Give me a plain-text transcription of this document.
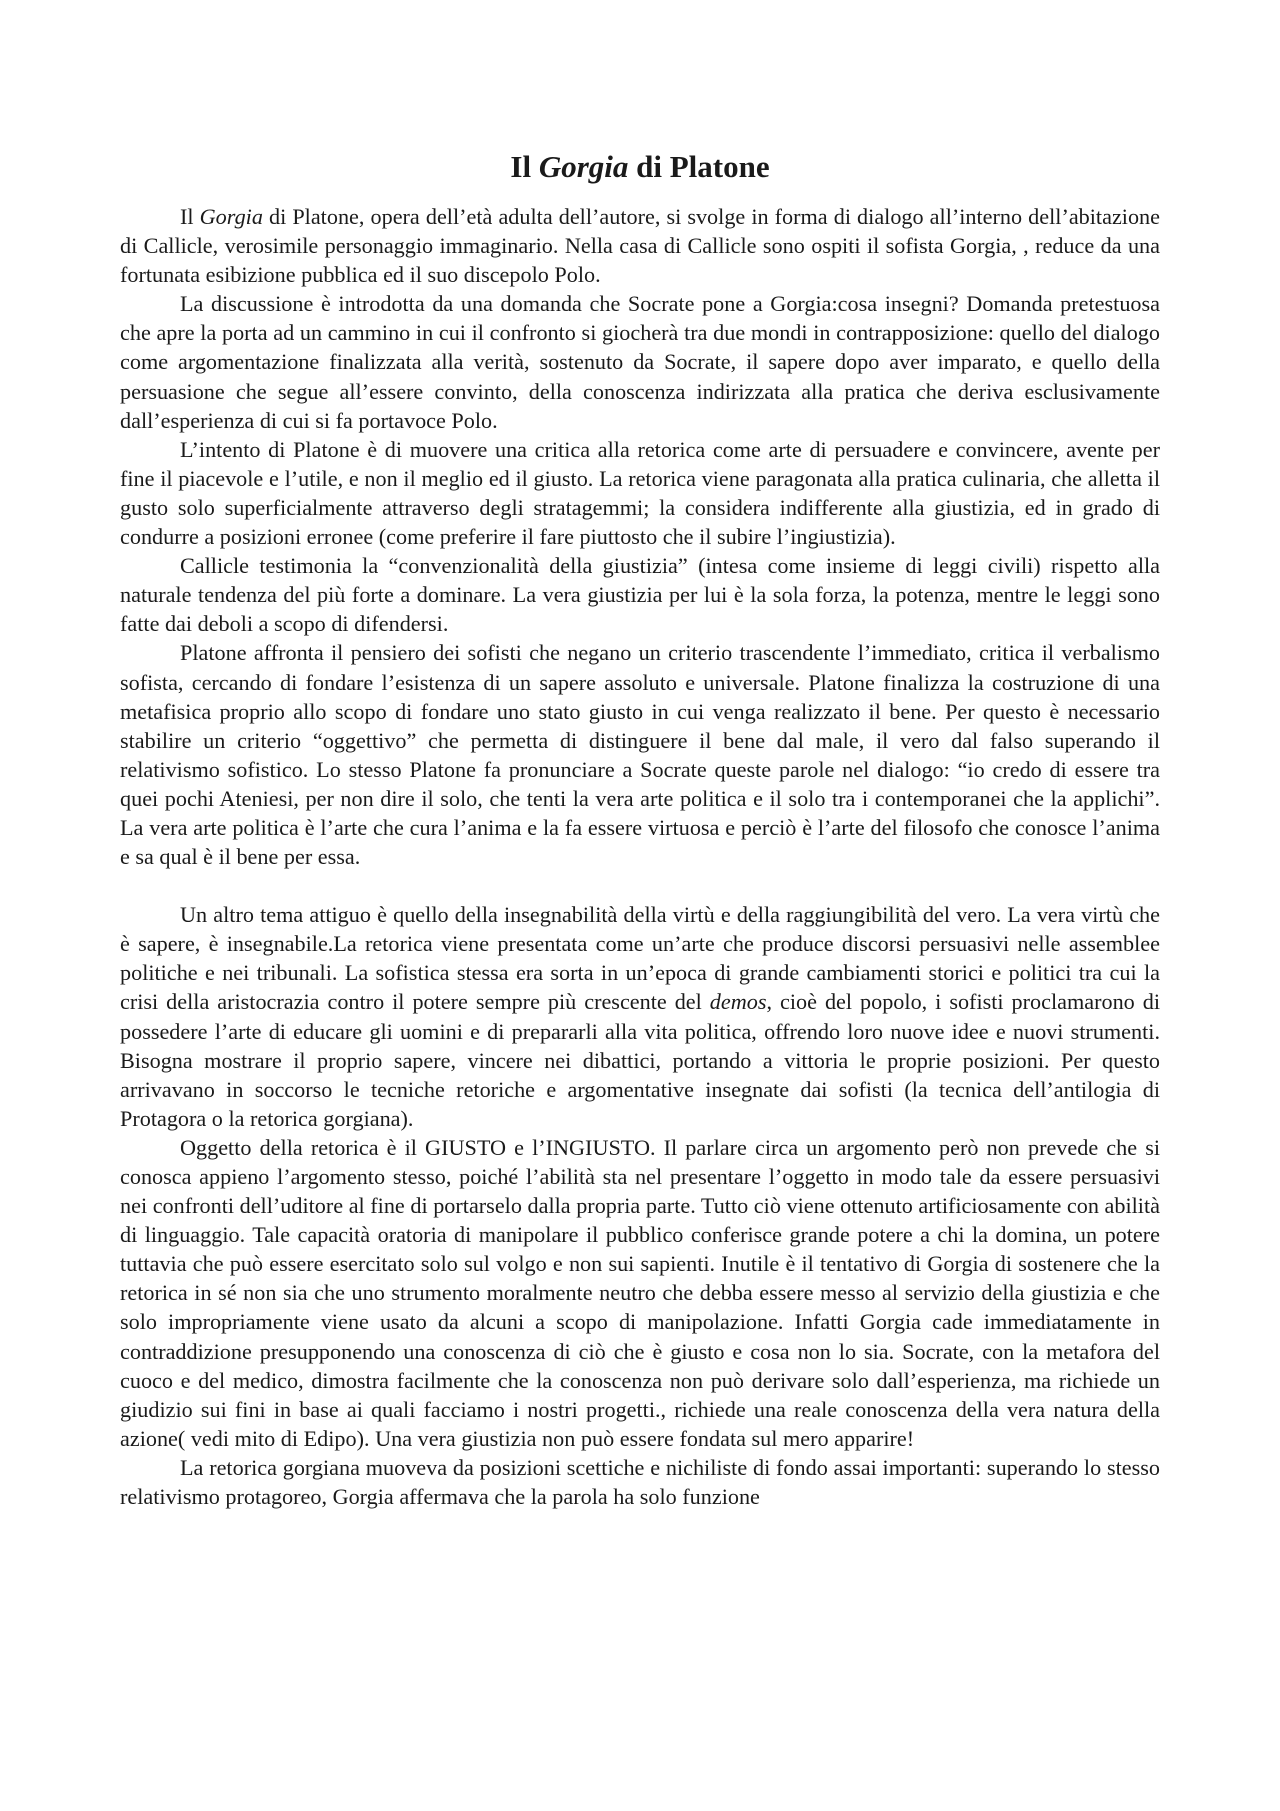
Il Gorgia di Platone

Il Gorgia di Platone, opera dell’età adulta dell’autore, si svolge in forma di dialogo all’interno dell’abitazione di Callicle, verosimile personaggio immaginario. Nella casa di Callicle sono ospiti il sofista Gorgia, , reduce da una fortunata esibizione pubblica ed il suo discepolo Polo.

La discussione è introdotta da una domanda che Socrate pone a Gorgia:cosa insegni? Domanda pretestuosa che apre la porta ad un cammino in cui il confronto si giocherà tra due mondi in contrapposizione: quello del dialogo come argomentazione finalizzata alla verità, sostenuto da Socrate, il sapere dopo aver imparato, e quello della persuasione che segue all’essere convinto, della conoscenza indirizzata alla pratica che deriva esclusivamente dall’esperienza di cui si fa portavoce Polo.

L’intento di Platone è di muovere una critica alla retorica come arte di persuadere e convincere, avente per fine il piacevole e l’utile, e non il meglio ed il giusto. La retorica viene paragonata alla pratica culinaria, che alletta il gusto solo superficialmente attraverso degli stratagemmi; la considera indifferente alla giustizia, ed in grado di condurre a posizioni erronee (come preferire il fare piuttosto che il subire l’ingiustizia).

Callicle testimonia la “convenzionalità della giustizia” (intesa come insieme di leggi civili) rispetto alla naturale tendenza del più forte a dominare. La vera giustizia per lui è la sola forza, la potenza, mentre le leggi sono fatte dai deboli a scopo di difendersi.

Platone affronta il pensiero dei sofisti che negano un criterio trascendente l’immediato, critica il verbalismo sofista, cercando di fondare l’esistenza di un sapere assoluto e universale. Platone finalizza la costruzione di una metafisica proprio allo scopo di fondare uno stato giusto in cui venga realizzato il bene. Per questo è necessario stabilire un criterio “oggettivo” che permetta di distinguere il bene dal male, il vero dal falso superando il relativismo sofistico. Lo stesso Platone fa pronunciare a Socrate queste parole nel dialogo: “io credo di essere tra quei pochi Ateniesi, per non dire il solo, che tenti la vera arte politica e il solo tra i contemporanei che la applichi”. La vera arte politica è l’arte che cura l’anima e la fa essere virtuosa e perciò è l’arte del filosofo che conosce l’anima e sa qual è il bene per essa.

Un altro tema attiguo è quello della insegnabilità della virtù e della raggiungibilità del vero. La vera virtù che è sapere, è insegnabile.La retorica viene presentata come un’arte che produce discorsi persuasivi nelle assemblee politiche e nei tribunali. La sofistica stessa era sorta in un’epoca di grande cambiamenti storici e politici tra cui la crisi della aristocrazia contro il potere sempre più crescente del demos, cioè del popolo, i sofisti proclamarono di possedere l’arte di educare gli uomini e di prepararli alla vita politica, offrendo loro nuove idee e nuovi strumenti. Bisogna mostrare il proprio sapere, vincere nei dibattici, portando a vittoria le proprie posizioni. Per questo arrivavano in soccorso le tecniche retoriche e argomentative insegnate dai sofisti (la tecnica dell’antilogia di Protagora o la retorica gorgiana).

Oggetto della retorica è il GIUSTO e l’INGIUSTO. Il parlare circa un argomento però non prevede che si conosca appieno l’argomento stesso, poiché l’abilità sta nel presentare l’oggetto in modo tale da essere persuasivi nei confronti dell’uditore al fine di portarselo dalla propria parte. Tutto ciò viene ottenuto artificiosamente con abilità di linguaggio. Tale capacità oratoria di manipolare il pubblico conferisce grande potere a chi la domina, un potere tuttavia che può essere esercitato solo sul volgo e non sui sapienti. Inutile è il tentativo di Gorgia di sostenere che la retorica in sé non sia che uno strumento moralmente neutro che debba essere messo al servizio della giustizia e che solo impropriamente viene usato da alcuni a scopo di manipolazione. Infatti Gorgia cade immediatamente in contraddizione presupponendo una conoscenza di ciò che è giusto e cosa non lo sia. Socrate, con la metafora del cuoco e del medico, dimostra facilmente che la conoscenza non può derivare solo dall’esperienza, ma richiede un giudizio sui fini in base ai quali facciamo i nostri progetti., richiede una reale conoscenza della vera natura della azione( vedi mito di Edipo). Una vera giustizia non può essere fondata sul mero apparire!

La retorica gorgiana muoveva da posizioni scettiche e nichiliste di fondo assai importanti: superando lo stesso relativismo protagoreo, Gorgia affermava che la parola ha solo funzione
